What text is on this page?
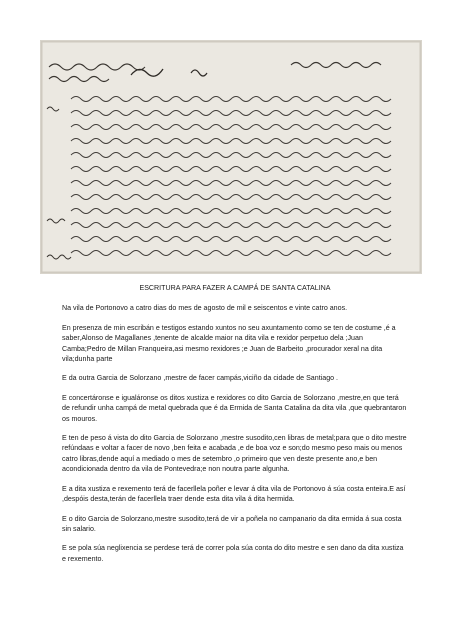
ESCRITURA PARA FAZER A CAMPÁ DE SANTA CATALINA

Na vila de Portonovo a catro dias do mes de agosto de mil e seiscentos e vinte catro anos.

En presenza de min escribán e testigos estando xuntos no seu axuntamento como se ten de costume ,é a saber,Alonso de Magallanes ,tenente de alcalde maior na dita vila e rexidor perpetuo dela ;Juan Camba;Pedro de Millan Franqueira,asi mesmo rexidores ;e Juan de Barbeito ,procurador xeral na dita vila;dunha parte

E da outra Garcia de Solorzano ,mestre de facer campás,viciño da cidade de Santiago .

E concertáronse e igualáronse os ditos xustiza e rexidores co dito Garcia de Solorzano ,mestre,en que terá de refundir unha campá de metal quebrada que é da Ermida de Santa Catalina da dita vila ,que quebrantaron os mouros.

E ten de peso á vista do dito Garcia de Solorzano ,mestre susodito,cen libras de metal;para que o dito mestre refúndaas e voltar a facer de novo ,ben feita e acabada ,e de boa voz e son;do mesmo peso mais ou menos catro libras,dende aquí a mediado o mes de setembro ,o primeiro que ven deste presente ano,e ben acondicionada dentro da vila de Pontevedra;e non noutra parte algunha.

E a dita xustiza e rexemento terá de facerllela poñer e levar á dita vila de Portonovo á súa costa enteira.E así ,despóis desta,terán de facerllela traer dende esta dita vila á dita hermida.

E o dito Garcia de Solorzano,mestre susodito,terá de vir a poñela no campanario da dita ermida á sua costa sin salario.

E se pola súa neglixencia se perdese terá de correr pola súa conta do dito mestre e sen dano da dita xustiza e rexemento.
